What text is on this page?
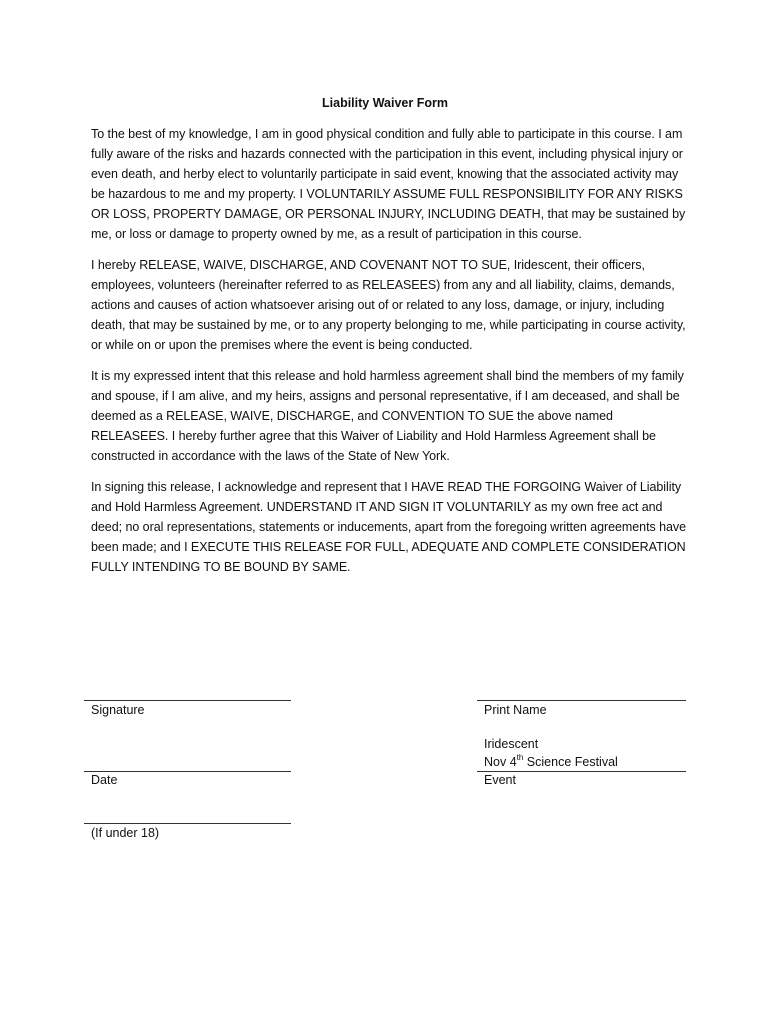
Liability Waiver Form

To the best of my knowledge, I am in good physical condition and fully able to participate in this course. I am fully aware of the risks and hazards connected with the participation in this event, including physical injury or even death, and herby elect to voluntarily participate in said event, knowing that the associated activity may be hazardous to me and my property. I VOLUNTARILY ASSUME FULL RESPONSIBILITY FOR ANY RISKS OR LOSS, PROPERTY DAMAGE, OR PERSONAL INJURY, INCLUDING DEATH, that may be sustained by me, or loss or damage to property owned by me, as a result of participation in this course.

I hereby RELEASE, WAIVE, DISCHARGE, AND COVENANT NOT TO SUE, Iridescent, their officers, employees, volunteers (hereinafter referred to as RELEASEES) from any and all liability, claims, demands, actions and causes of action whatsoever arising out of or related to any loss, damage, or injury, including death, that may be sustained by me, or to any property belonging to me, while participating in course activity, or while on or upon the premises where the event is being conducted.

It is my expressed intent that this release and hold harmless agreement shall bind the members of my family and spouse, if I am alive, and my heirs, assigns and personal representative, if I am deceased, and shall be deemed as a RELEASE, WAIVE, DISCHARGE, and CONVENTION TO SUE the above named RELEASEES. I hereby further agree that this Waiver of Liability and Hold Harmless Agreement shall be constructed in accordance with the laws of the State of New York.

In signing this release, I acknowledge and represent that I HAVE READ THE FORGOING Waiver of Liability and Hold Harmless Agreement. UNDERSTAND IT AND SIGN IT VOLUNTARILY as my own free act and deed; no oral representations, statements or inducements, apart from the foregoing written agreements have been made; and I EXECUTE THIS RELEASE FOR FULL, ADEQUATE AND COMPLETE CONSIDERATION FULLY INTENDING TO BE BOUND BY SAME.

Signature	Print Name
Iridescent
Nov 4th Science Festival
Date	Event
(If under 18)
